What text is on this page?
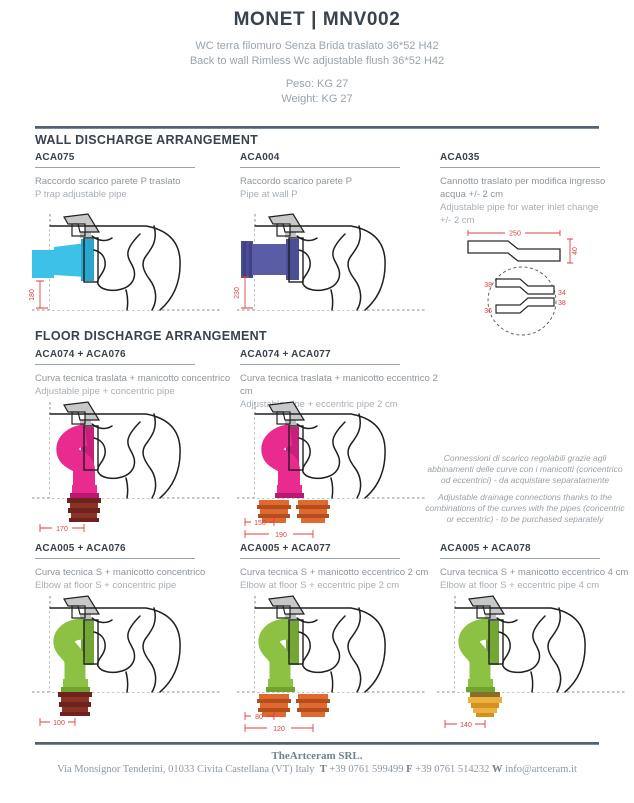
MONET | MNV002
WC terra filomuro Senza Brida traslato 36*52 H42
Back to wall Rimless Wc adjustable flush 36*52 H42
Peso: KG 27
Weight: KG 27
WALL DISCHARGE ARRANGEMENT
ACA075

Raccordo scarico parete P traslato

P trap adjustable pipe

ACA004

Raccordo scarico parete P

Pipe at wall P

ACA035

Cannotto traslato per modifica ingresso acqua +/- 2 cm

Adjustable pipe for water inlet change +/- 2 cm

180	230
250
40
38
34
36
38
FLOOR DISCHARGE ARRANGEMENT
ACA074 + ACA076

Curva tecnica traslata + manicotto concentrico

Adjustable pipe + concentric pipe

ACA074 + ACA077

Curva tecnica traslata + manicotto eccentrico 2 cm

Adjustable pipe + eccentric pipe 2 cm

170
150
190

Connessioni di scarico regolabili grazie agli abbinamenti delle curve con i manicotti (concentrico od eccentrici) - da acquistare separatamente

Adjustable drainage connections thanks to the combinations of the curves with the pipes (concentric or eccentric) - to be purchased separately

ACA005 + ACA076

Curva tecnica S + manicotto concentrico

Elbow at floor S + concentric pipe

ACA005 + ACA077

Curva tecnica S + manicotto eccentrico 2 cm

Elbow at floor S + eccentric pipe 2 cm

ACA005 + ACA078

Curva tecnica S + manicotto eccentrico 4 cm

Elbow at floor S + eccentric pipe 4 cm

100
80
120
140
TheArtceram SRL.
Via Monsignor Tenderini, 01033 Civita Castellana (VT) Italy T +39 0761 599499 F +39 0761 514232 W info@artceram.it
